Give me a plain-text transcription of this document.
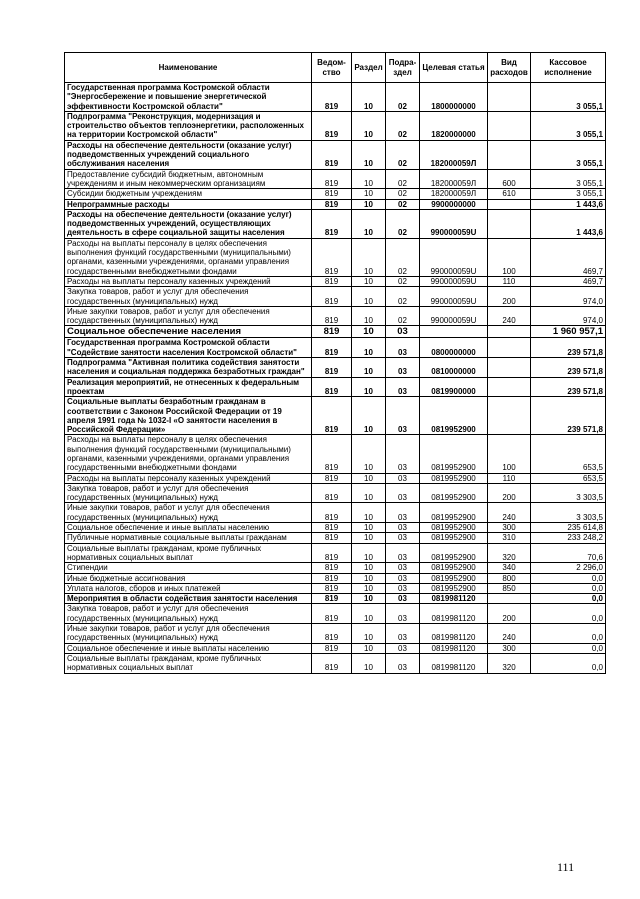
Наименование	Ведом-ство	Раздел	Подра-здел	Целевая статья	Вид расходов	Кассовое исполнение
Государственная программа Костромской области "Энергосбережение и повышение энергетической эффективности Костромской области"	819	10	02	1800000000		3 055,1
Подпрограмма "Реконструкция, модернизация и строительство объектов теплоэнергетики, расположенных на территории Костромской области"	819	10	02	1820000000		3 055,1
Расходы на обеспечение деятельности (оказание услуг) подведомственных учреждений социального обслуживания населения	819	10	02	182000059Л		3 055,1
Предоставление субсидий бюджетным, автономным учреждениям и иным некоммерческим организациям	819	10	02	182000059Л	600	3 055,1
Субсидии бюджетным учреждениям	819	10	02	182000059Л	610	3 055,1
Непрограммные расходы	819	10	02	9900000000		1 443,6
Расходы на обеспечение деятельности (оказание услуг) подведомственных учреждений, осуществляющих деятельность в сфере социальной защиты населения	819	10	02	990000059U		1 443,6
Расходы на выплаты персоналу в целях обеспечения выполнения функций государственными (муниципальными) органами, казенными учреждениями, органами управления государственными внебюджетными фондами	819	10	02	990000059U	100	469,7
Расходы на выплаты персоналу казенных учреждений	819	10	02	990000059U	110	469,7
Закупка товаров, работ и услуг для обеспечения государственных (муниципальных) нужд	819	10	02	990000059U	200	974,0
Иные закупки товаров, работ и услуг для обеспечения государственных (муниципальных) нужд	819	10	02	990000059U	240	974,0
Социальное обеспечение населения	819	10	03			1 960 957,1
Государственная программа Костромской области "Содействие занятости населения Костромской области"	819	10	03	0800000000		239 571,8
Подпрограмма "Активная политика содействия занятости населения и социальная поддержка безработных граждан"	819	10	03	0810000000		239 571,8
Реализация мероприятий, не отнесенных к федеральным проектам	819	10	03	0819900000		239 571,8
Социальные выплаты безработным гражданам в соответствии с Законом Российской Федерации от 19 апреля 1991 года № 1032-I «О занятости населения в Российской Федерации»	819	10	03	0819952900		239 571,8
Расходы на выплаты персоналу в целях обеспечения выполнения функций государственными (муниципальными) органами, казенными учреждениями, органами управления государственными внебюджетными фондами	819	10	03	0819952900	100	653,5
Расходы на выплаты персоналу казенных учреждений	819	10	03	0819952900	110	653,5
Закупка товаров, работ и услуг для обеспечения государственных (муниципальных) нужд	819	10	03	0819952900	200	3 303,5
Иные закупки товаров, работ и услуг для обеспечения государственных (муниципальных) нужд	819	10	03	0819952900	240	3 303,5
Социальное обеспечение и иные выплаты населению	819	10	03	0819952900	300	235 614,8
Публичные нормативные социальные выплаты гражданам	819	10	03	0819952900	310	233 248,2
Социальные выплаты гражданам, кроме публичных нормативных социальных выплат	819	10	03	0819952900	320	70,6
Стипендии	819	10	03	0819952900	340	2 296,0
Иные бюджетные ассигнования	819	10	03	0819952900	800	0,0
Уплата налогов, сборов и иных платежей	819	10	03	0819952900	850	0,0
Мероприятия в области содействия занятости населения	819	10	03	0819981120		0,0
Закупка товаров, работ и услуг для обеспечения государственных (муниципальных) нужд	819	10	03	0819981120	200	0,0
Иные закупки товаров, работ и услуг для обеспечения государственных (муниципальных) нужд	819	10	03	0819981120	240	0,0
Социальное обеспечение и иные выплаты населению	819	10	03	0819981120	300	0,0
Социальные выплаты гражданам, кроме публичных нормативных социальных выплат	819	10	03	0819981120	320	0,0
111
